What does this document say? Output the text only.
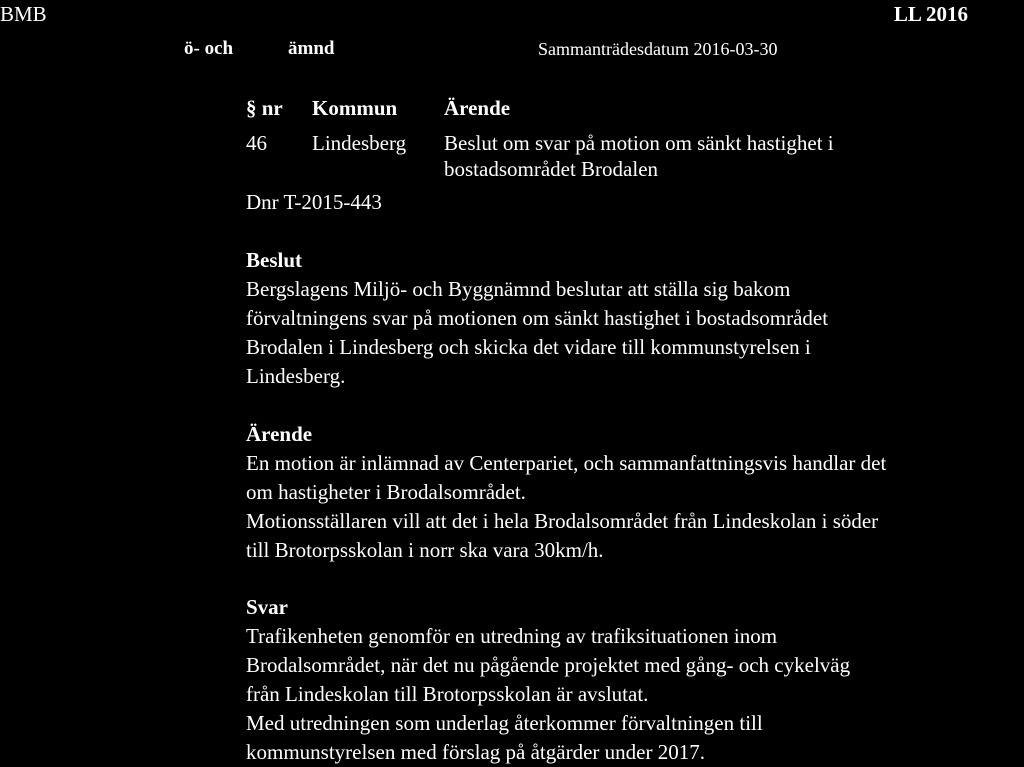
BMB	LL 2016
ö- och	ämnd	Sammanträdesdatum 2016-03-30
§ nr Kommun Ärende
46 Lindesberg Beslut om svar på motion om sänkt hastighet i
bostadsområdet Brodalen
Dnr T-2015-443
Beslut
Bergslagens Miljö- och Byggnämnd beslutar att ställa sig bakom
förvaltningens svar på motionen om sänkt hastighet i bostadsområdet
Brodalen i Lindesberg och skicka det vidare till kommunstyrelsen i
Lindesberg.
Ärende
En motion är inlämnad av Centerpariet, och sammanfattningsvis handlar det
om hastigheter i Brodalsområdet.
Motionsställaren vill att det i hela Brodalsområdet från Lindeskolan i söder
till Brotorpsskolan i norr ska vara 30km/h.
Svar
Trafikenheten genomför en utredning av trafiksituationen inom
Brodalsområdet, när det nu pågående projektet med gång- och cykelväg
från Lindeskolan till Brotorpsskolan är avslutat.
Med utredningen som underlag återkommer förvaltningen till
kommunstyrelsen med förslag på åtgärder under 2017.
